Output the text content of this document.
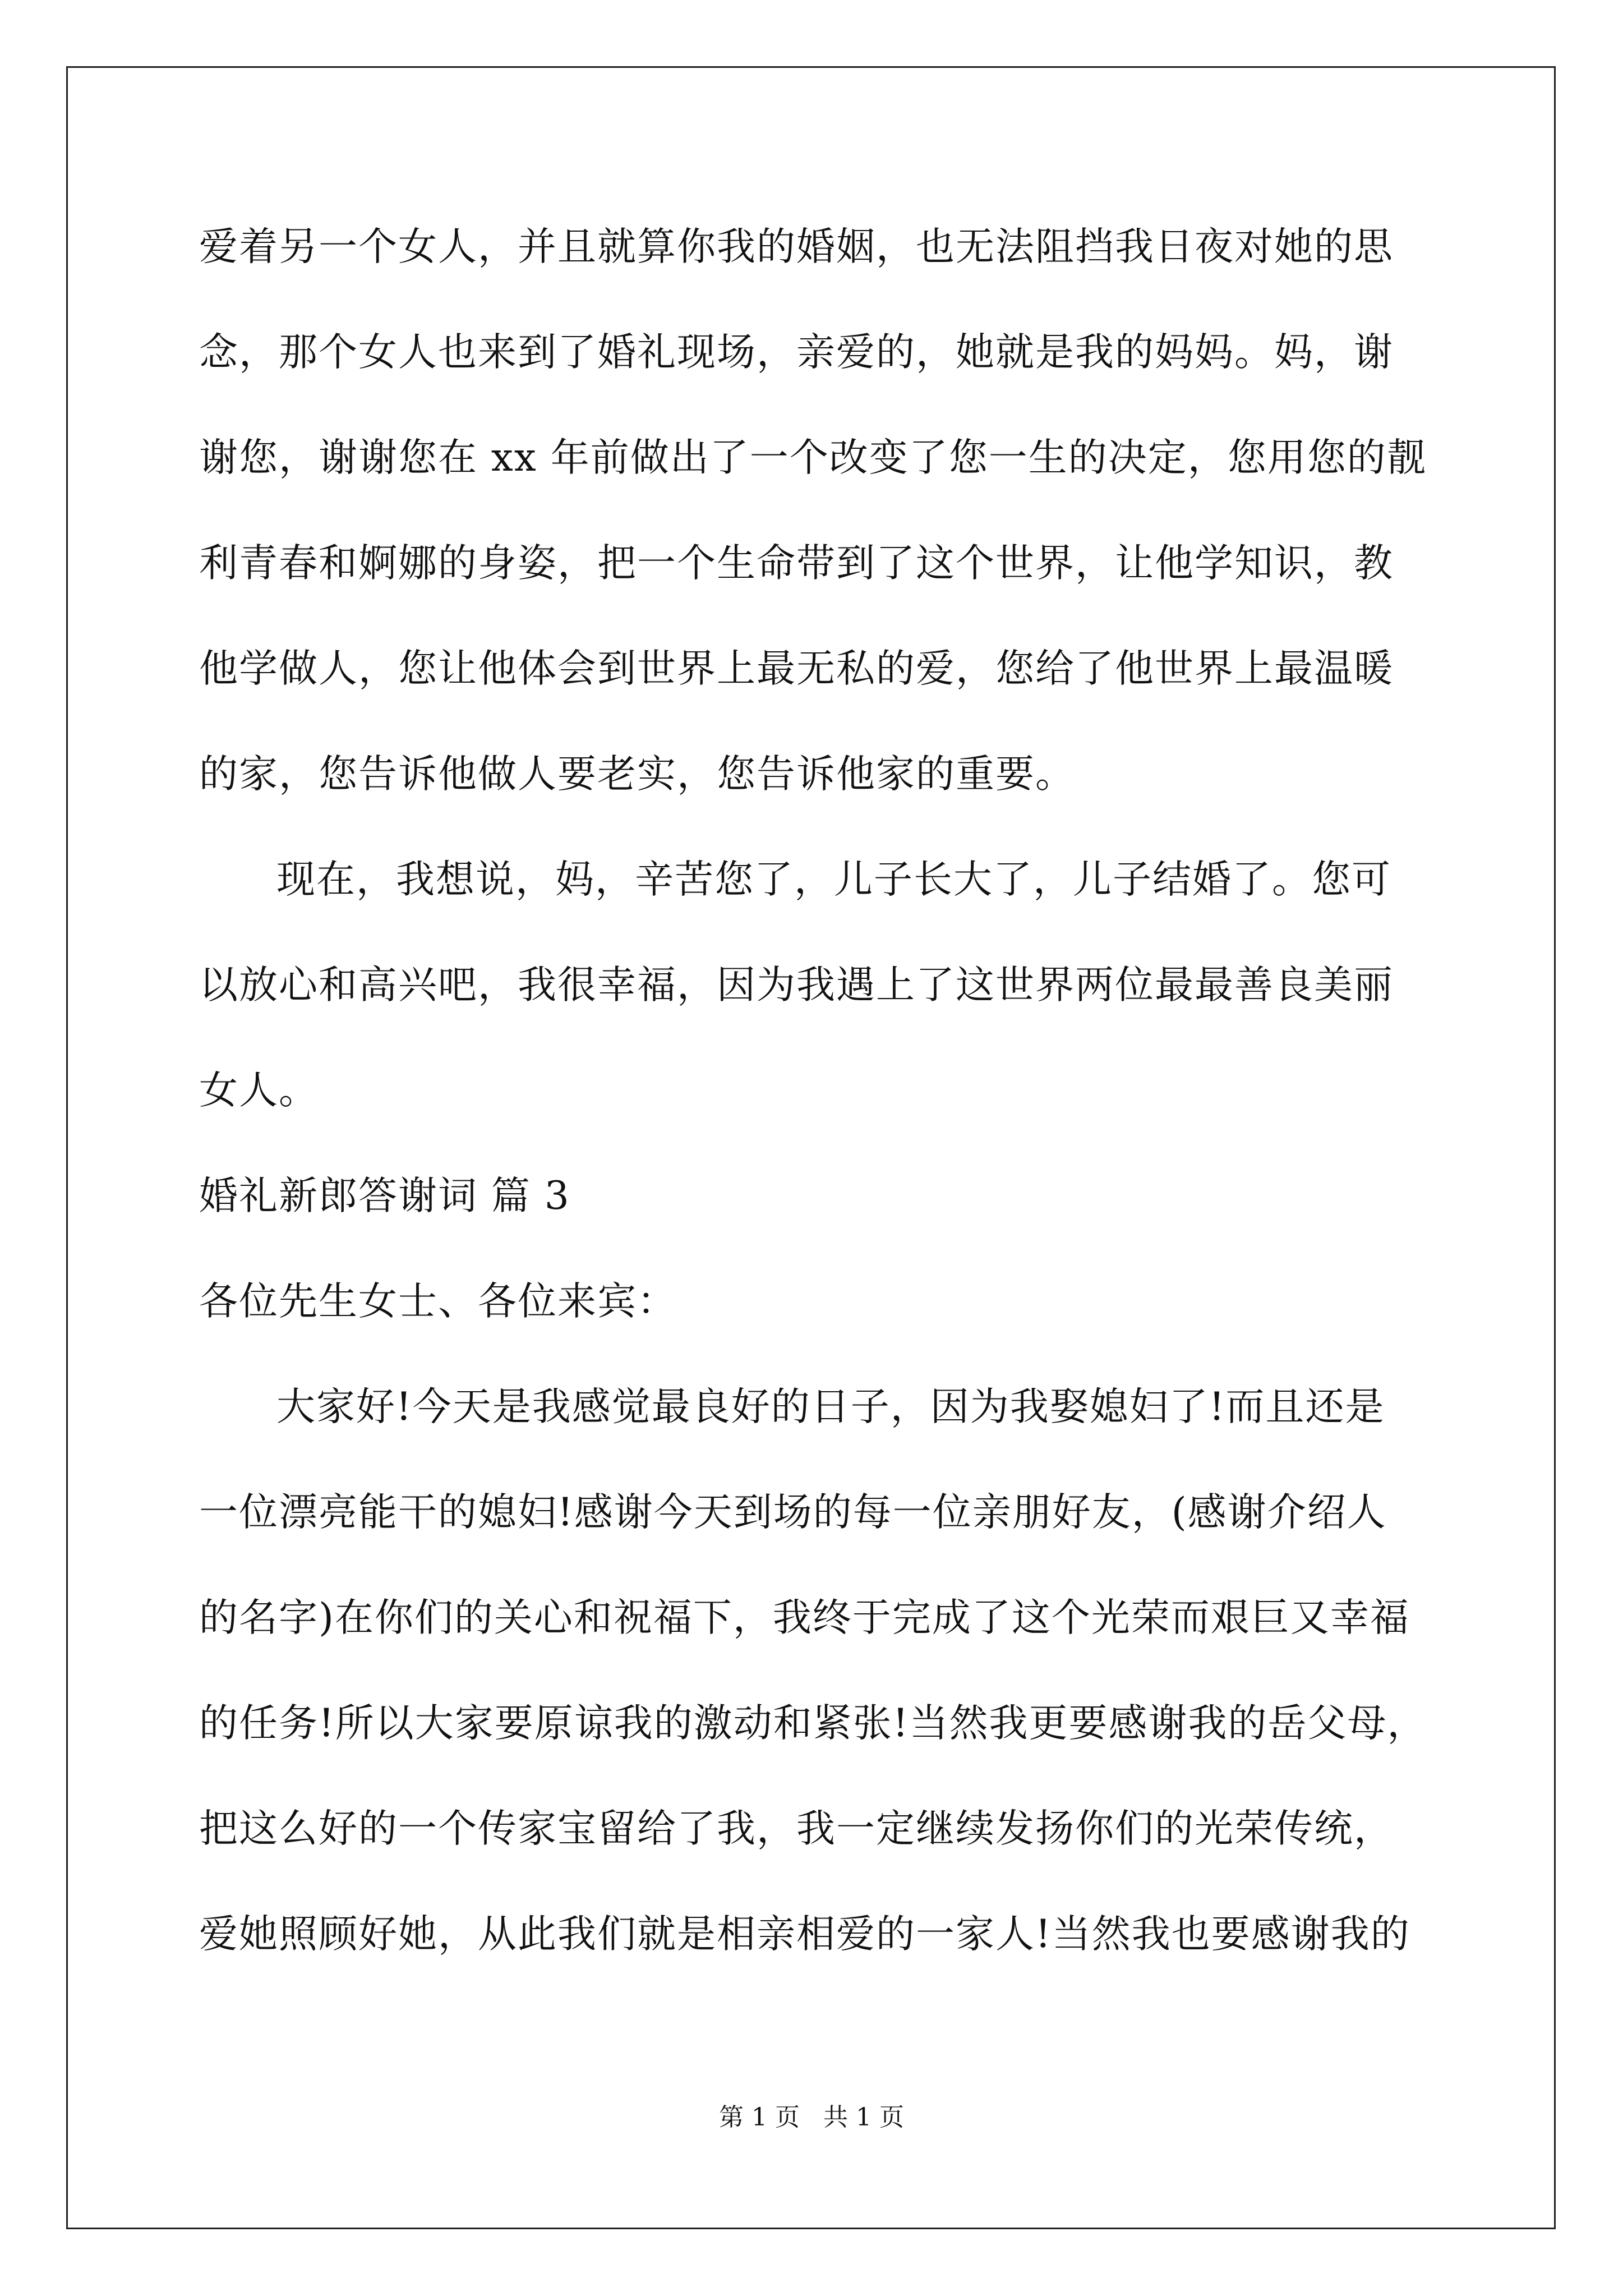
爱着另一个女人，并且就算你我的婚姻，也无法阻挡我日夜对她的思
念，那个女人也来到了婚礼现场，亲爱的，她就是我的妈妈。妈，谢
谢您，谢谢您在 xx 年前做出了一个改变了您一生的决定，您用您的靓
利青春和婀娜的身姿，把一个生命带到了这个世界，让他学知识，教
他学做人，您让他体会到世界上最无私的爱，您给了他世界上最温暖
的家，您告诉他做人要老实，您告诉他家的重要。
现在，我想说，妈，辛苦您了，儿子长大了，儿子结婚了。您可
以放心和高兴吧，我很幸福，因为我遇上了这世界两位最最善良美丽
女人。
婚礼新郎答谢词 篇 3
各位先生女士、各位来宾：
大家好!今天是我感觉最良好的日子，因为我娶媳妇了!而且还是
一位漂亮能干的媳妇!感谢今天到场的每一位亲朋好友，(感谢介绍人
的名字)在你们的关心和祝福下，我终于完成了这个光荣而艰巨又幸福
的任务!所以大家要原谅我的激动和紧张!当然我更要感谢我的岳父母，
把这么好的一个传家宝留给了我，我一定继续发扬你们的光荣传统，
爱她照顾好她，从此我们就是相亲相爱的一家人!当然我也要感谢我的
第 1 页   共 1 页
